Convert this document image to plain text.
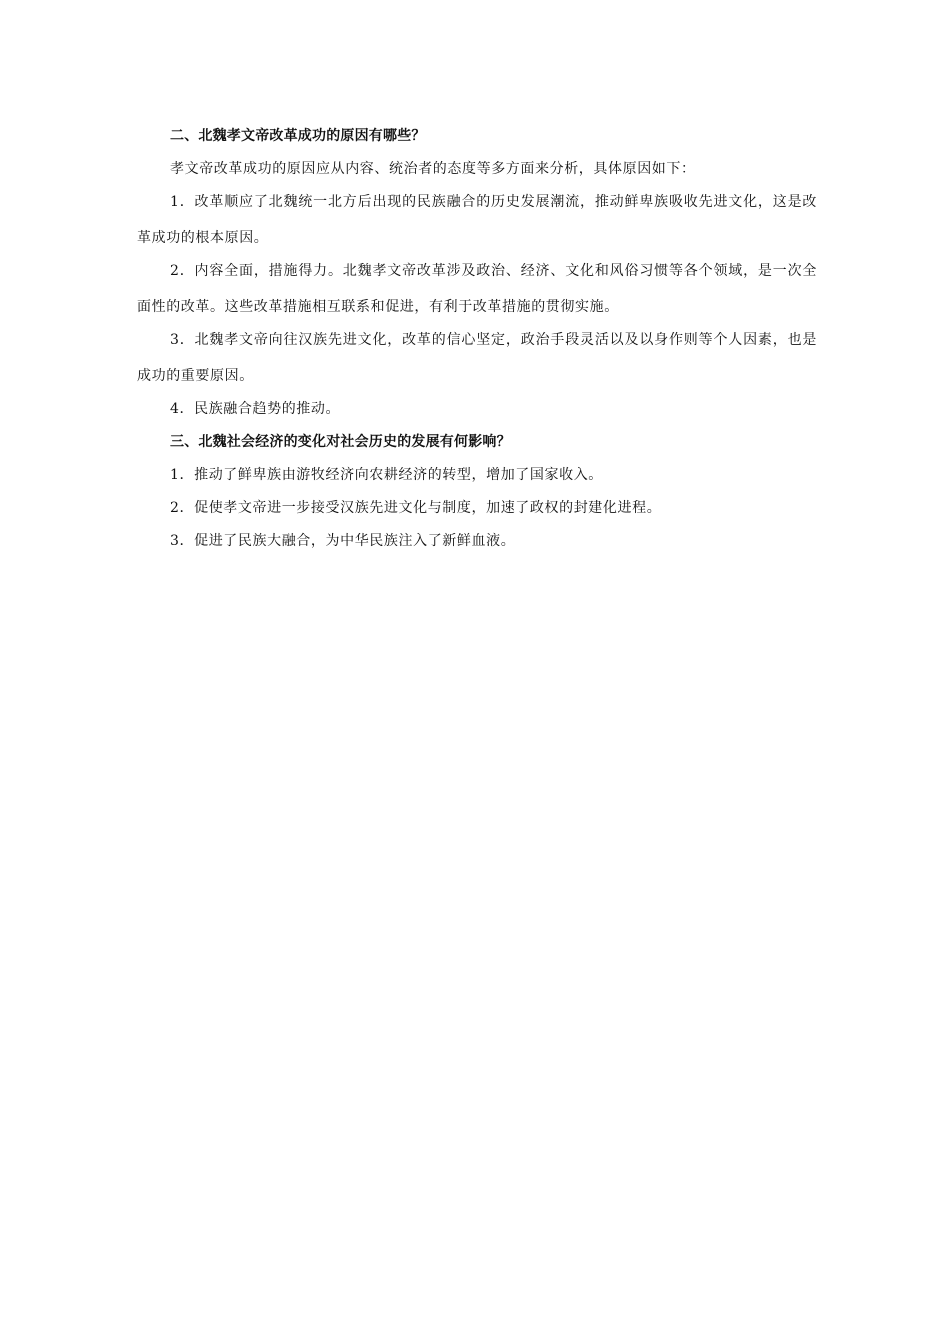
二、北魏孝文帝改革成功的原因有哪些？

孝文帝改革成功的原因应从内容、统治者的态度等多方面来分析，具体原因如下：

1．改革顺应了北魏统一北方后出现的民族融合的历史发展潮流，推动鲜卑族吸收先进文化，这是改革成功的根本原因。

2．内容全面，措施得力。北魏孝文帝改革涉及政治、经济、文化和风俗习惯等各个领域，是一次全面性的改革。这些改革措施相互联系和促进，有利于改革措施的贯彻实施。

3．北魏孝文帝向往汉族先进文化，改革的信心坚定，政治手段灵活以及以身作则等个人因素，也是成功的重要原因。

4．民族融合趋势的推动。

三、北魏社会经济的变化对社会历史的发展有何影响？

1．推动了鲜卑族由游牧经济向农耕经济的转型，增加了国家收入。

2．促使孝文帝进一步接受汉族先进文化与制度，加速了政权的封建化进程。

3．促进了民族大融合，为中华民族注入了新鲜血液。
